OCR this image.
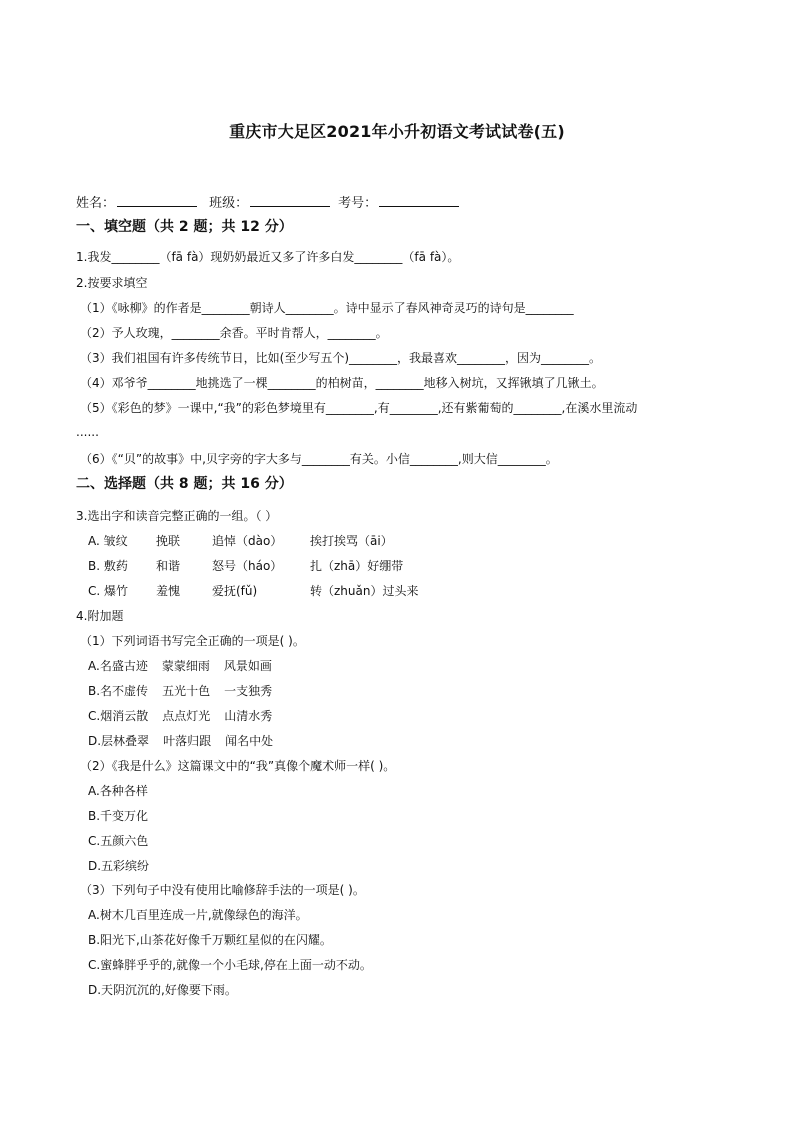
重庆市大足区2021年小升初语文考试试卷(五)
姓名：	班级：	考号：
一、填空题（共 2 题；共 12 分）
1.我发________（fā fà）现奶奶最近又多了许多白发________（fā fà）。
2.按要求填空
（1）《咏柳》的作者是________朝诗人________。诗中显示了春风神奇灵巧的诗句是________
（2）予人玫瑰，________余香。平时肯帮人，________。
（3）我们祖国有许多传统节日，比如(至少写五个)________，我最喜欢________，因为________。
（4）邓爷爷________地挑选了一棵________的柏树苗，________地移入树坑，又挥锹填了几锹土。
（5）《彩色的梦》一课中,“我”的彩色梦境里有________,有________,还有紫葡萄的________,在溪水里流动
......
（6）《“贝”的故事》中,贝字旁的字大多与________有关。小信________,则大信________。
二、选择题（共 8 题；共 16 分）
3.选出字和读音完整正确的一组。（ ）
A. 皱纹 挽联	追悼（dào） 挨打挨骂（āi）
B. 敷药 和谐	怒号（háo） 扎（zhā）好绷带
C. 爆竹 羞愧	爱抚(fǔ)	转（zhuǎn）过头来
4.附加题
（1）下列词语书写完全正确的一项是( )。
A.名盛古迹 蒙蒙细雨 风景如画
B.名不虚传 五光十色 一支独秀
C.烟消云散 点点灯光 山清水秀
D.层林叠翠 叶落归跟 闻名中处
（2）《我是什么》这篇课文中的“我”真像个魔术师一样( )。
A.各种各样
B.千变万化
C.五颜六色
D.五彩缤纷
（3）下列句子中没有使用比喻修辞手法的一项是( )。
A.树木几百里连成一片,就像绿色的海洋。
B.阳光下,山茶花好像千万颗红星似的在闪耀。
C.蜜蜂胖乎乎的,就像一个小毛球,停在上面一动不动。
D.天阴沉沉的,好像要下雨。
